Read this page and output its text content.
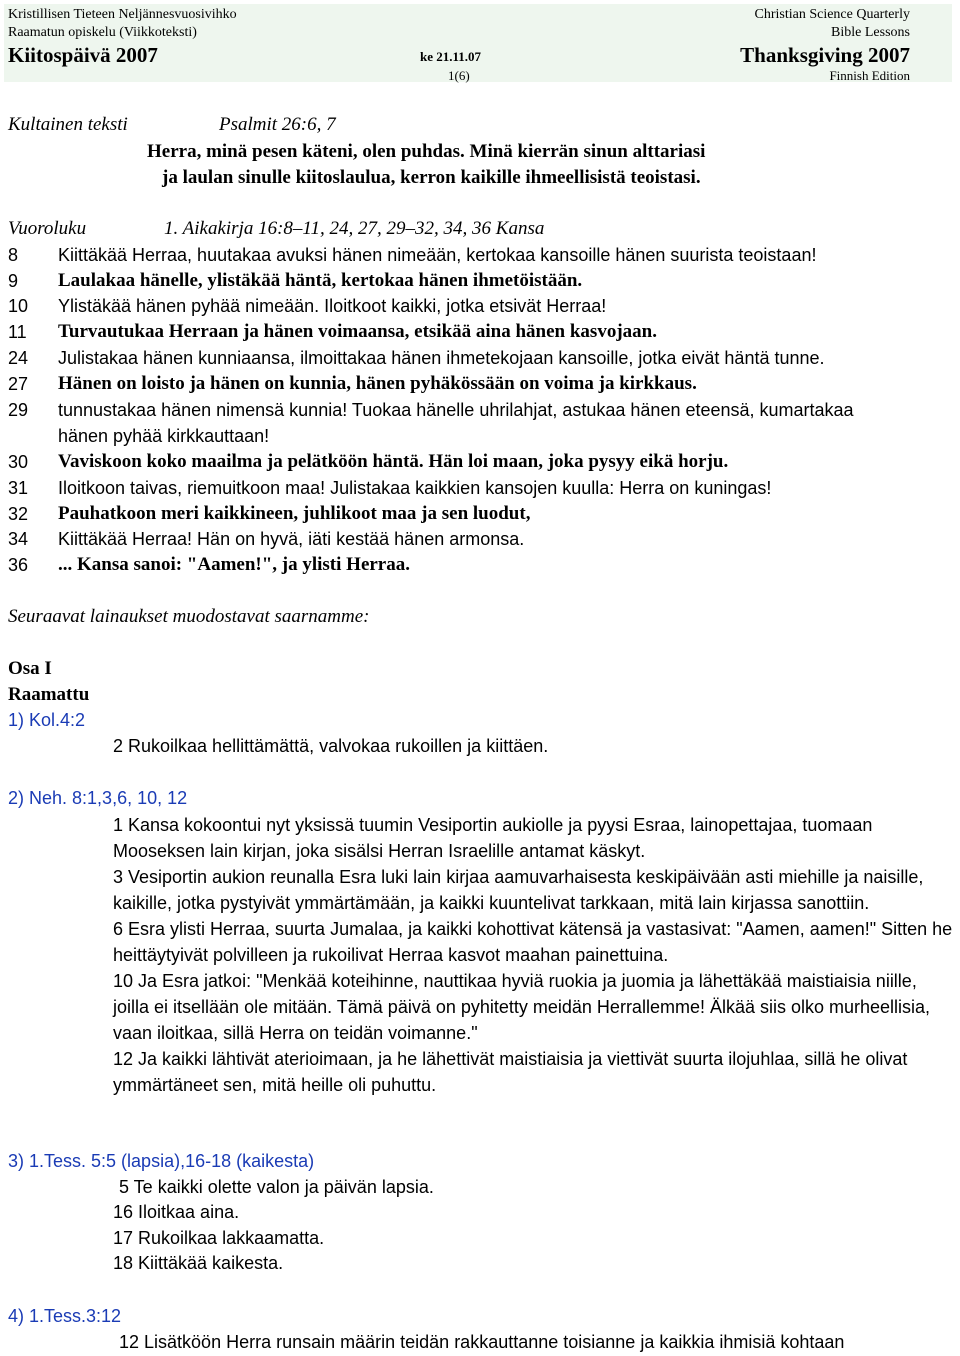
Kristillisen Tieteen Neljännesvuosivihko
Raamatun opiskelu (Viikkoteksti)
Kiitospäivä 2007	ke 21.11.07
1(6)
Christian Science Quarterly
Bible Lessons
Thanksgiving 2007
Finnish Edition
Kultainen teksti	Psalmit 26:6, 7
Herra, minä pesen käteni, olen puhdas. Minä kierrän sinun alttariasi
ja laulan sinulle kiitoslaulua, kerron kaikille ihmeellisistä teoistasi.
Vuoroluku	1. Aikakirja 16:8–11, 24, 27, 29–32, 34, 36 Kansa
8 Kiittäkää Herraa, huutakaa avuksi hänen nimeään, kertokaa kansoille hänen suurista teoistaan!
9 Laulakaa hänelle, ylistäkää häntä, kertokaa hänen ihmetöistään.
10 Ylistäkää hänen pyhää nimeään. Iloitkoot kaikki, jotka etsivät Herraa!
11 Turvautukaa Herraan ja hänen voimaansa, etsikää aina hänen kasvojaan.
24 Julistakaa hänen kunniaansa, ilmoittakaa hänen ihmetekojaan kansoille, jotka eivät häntä tunne.
27 Hänen on loisto ja hänen on kunnia, hänen pyhäkössään on voima ja kirkkaus.
29 tunnustakaa hänen nimensä kunnia! Tuokaa hänelle uhrilahjat, astukaa hänen eteensä, kumartakaa
hänen pyhää kirkkauttaan!
30 Vaviskoon koko maailma ja pelätköön häntä. Hän loi maan, joka pysyy eikä horju.
31 Iloitkoon taivas, riemuitkoon maa! Julistakaa kaikkien kansojen kuulla: Herra on kuningas!
32 Pauhatkoon meri kaikkineen, juhlikoot maa ja sen luodut,
34 Kiittäkää Herraa! Hän on hyvä, iäti kestää hänen armonsa.
36 ... Kansa sanoi: "Aamen!", ja ylisti Herraa.
Seuraavat lainaukset muodostavat saarnamme:
Osa I
Raamattu
1) Kol.4:2
2 Rukoilkaa hellittämättä, valvokaa rukoillen ja kiittäen.
2) Neh. 8:1,3,6, 10, 12
1 Kansa kokoontui nyt yksissä tuumin Vesiportin aukiolle ja pyysi Esraa, lainopettajaa, tuomaan Mooseksen lain kirjan, joka sisälsi Herran Israelille antamat käskyt.
3 Vesiportin aukion reunalla Esra luki lain kirjaa aamuvarhaisesta keskipäivään asti miehille ja naisille, kaikille, jotka pystyivät ymmärtämään, ja kaikki kuuntelivat tarkkaan, mitä lain kirjassa sanottiin.
6 Esra ylisti Herraa, suurta Jumalaa, ja kaikki kohottivat kätensä ja vastasivat: "Aamen, aamen!" Sitten he heittäytyivät polvilleen ja rukoilivat Herraa kasvot maahan painettuina.
10 Ja Esra jatkoi: "Menkää koteihinne, nauttikaa hyviä ruokia ja juomia ja lähettäkää maistiaisia niille, joilla ei itsellään ole mitään. Tämä päivä on pyhitetty meidän Herrallemme! Älkää siis olko murheellisia, vaan iloitkaa, sillä Herra on teidän voimanne."
12 Ja kaikki lähtivät aterioimaan, ja he lähettivät maistiaisia ja viettivät suurta ilojuhlaa, sillä he olivat ymmärtäneet sen, mitä heille oli puhuttu.
3) 1.Tess. 5:5 (lapsia),16-18 (kaikesta)
5 Te kaikki olette valon ja päivän lapsia.
16 Iloitkaa aina.
17 Rukoilkaa lakkaamatta.
18 Kiittäkää kaikesta.
4) 1.Tess.3:12
12 Lisätköön Herra runsain määrin teidän rakkauttanne toisianne ja kaikkia ihmisiä kohtaan
